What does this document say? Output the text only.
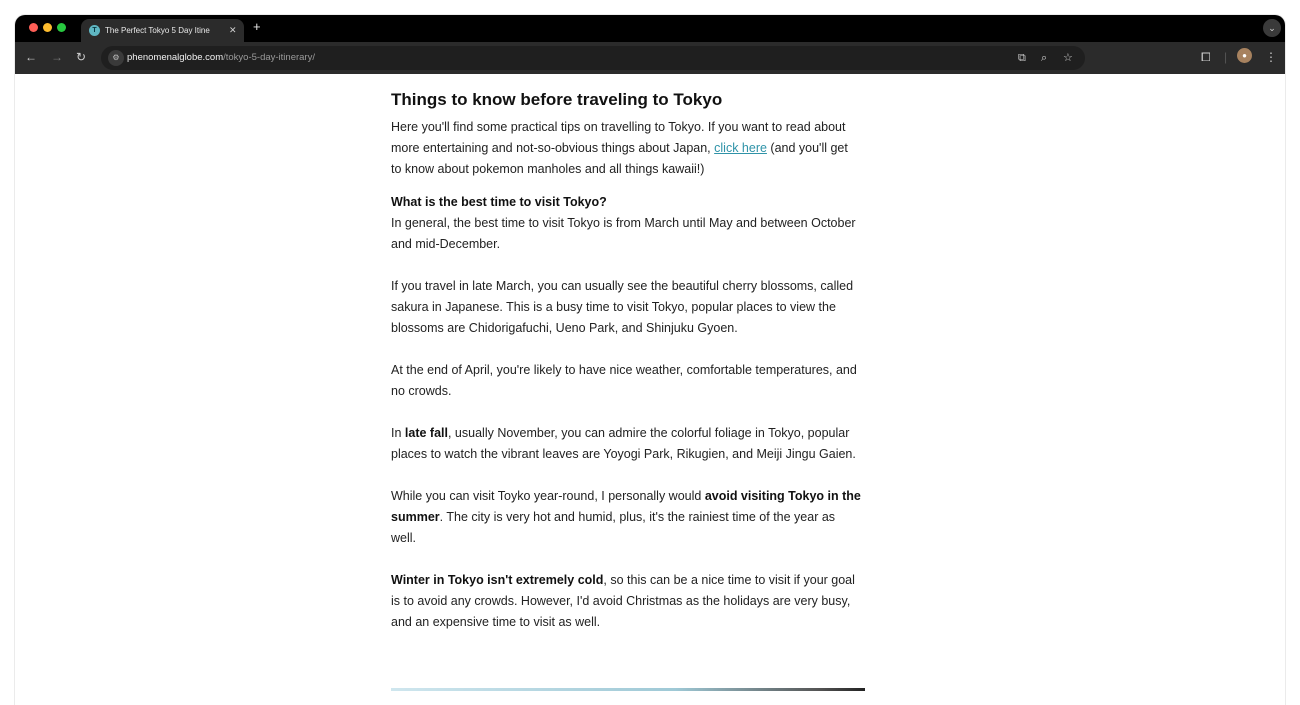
T	The Perfect Tokyo 5 Day Itine	✕ +	⌄
← → ↻	⚙ phenomenalglobe.com/tokyo-5-day-itinerary/	⧉ ⌕ ☆	⧠ |	●	⋮
Things to know before traveling to Tokyo

Here you'll find some practical tips on travelling to Tokyo. If you want to read about more entertaining and not-so-obvious things about Japan, click here (and you'll get to know about pokemon manholes and all things kawaii!)

What is the best time to visit Tokyo?
In general, the best time to visit Tokyo is from March until May and between October and mid-December.

If you travel in late March, you can usually see the beautiful cherry blossoms, called sakura in Japanese. This is a busy time to visit Tokyo, popular places to view the blossoms are Chidorigafuchi, Ueno Park, and Shinjuku Gyoen.

At the end of April, you're likely to have nice weather, comfortable temperatures, and no crowds.

In late fall, usually November, you can admire the colorful foliage in Tokyo, popular places to watch the vibrant leaves are Yoyogi Park, Rikugien, and Meiji Jingu Gaien.

While you can visit Toyko year-round, I personally would avoid visiting Tokyo in the summer. The city is very hot and humid, plus, it's the rainiest time of the year as well.

Winter in Tokyo isn't extremely cold, so this can be a nice time to visit if your goal is to avoid any crowds. However, I'd avoid Christmas as the holidays are very busy, and an expensive time to visit as well.
